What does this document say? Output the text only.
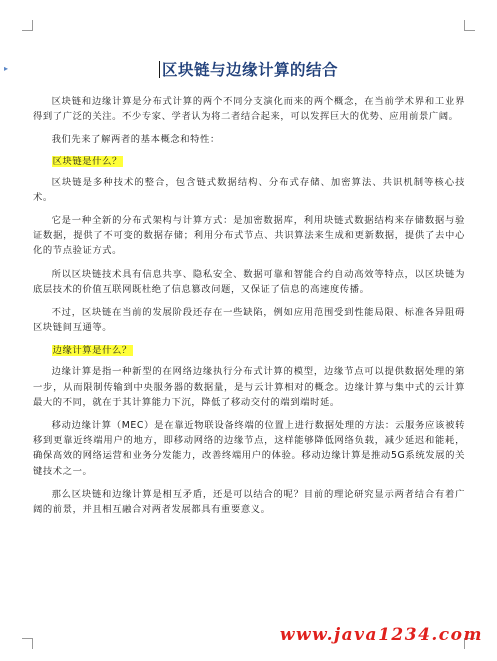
▸	区块链与边缘计算的结合

区块链和边缘计算是分布式计算的两个不同分支演化而来的两个概念，在当前学术界和工业界得到了广泛的关注。不少专家、学者认为将二者结合起来，可以发挥巨大的优势、应用前景广阔。

我们先来了解两者的基本概念和特性：

区块链是什么？

区块链是多种技术的整合，包含链式数据结构、分布式存储、加密算法、共识机制等核心技术。

它是一种全新的分布式架构与计算方式：是加密数据库，利用块链式数据结构来存储数据与验证数据，提供了不可变的数据存储；利用分布式节点、共识算法来生成和更新数据，提供了去中心化的节点验证方式。

所以区块链技术具有信息共享、隐私安全、数据可靠和智能合约自动高效等特点，以区块链为底层技术的价值互联网既杜绝了信息篡改问题，又保证了信息的高速度传播。

不过，区块链在当前的发展阶段还存在一些缺陷，例如应用范围受到性能局限、标准各异阻碍区块链间互通等。

边缘计算是什么？

边缘计算是指一种新型的在网络边缘执行分布式计算的模型，边缘节点可以提供数据处理的第一步，从而限制传输到中央服务器的数据量，是与云计算相对的概念。边缘计算与集中式的云计算最大的不同，就在于其计算能力下沉，降低了移动交付的端到端时延。

移动边缘计算（MEC）是在靠近物联设备终端的位置上进行数据处理的方法：云服务应该被转移到更靠近终端用户的地方，即移动网络的边缘节点，这样能够降低网络负载，减少延迟和能耗，确保高效的网络运营和业务分发能力，改善终端用户的体验。移动边缘计算是推动5G系统发展的关键技术之一。

那么区块链和边缘计算是相互矛盾，还是可以结合的呢？目前的理论研究显示两者结合有着广阔的前景，并且相互融合对两者发展都具有重要意义。

www.java1234.com
